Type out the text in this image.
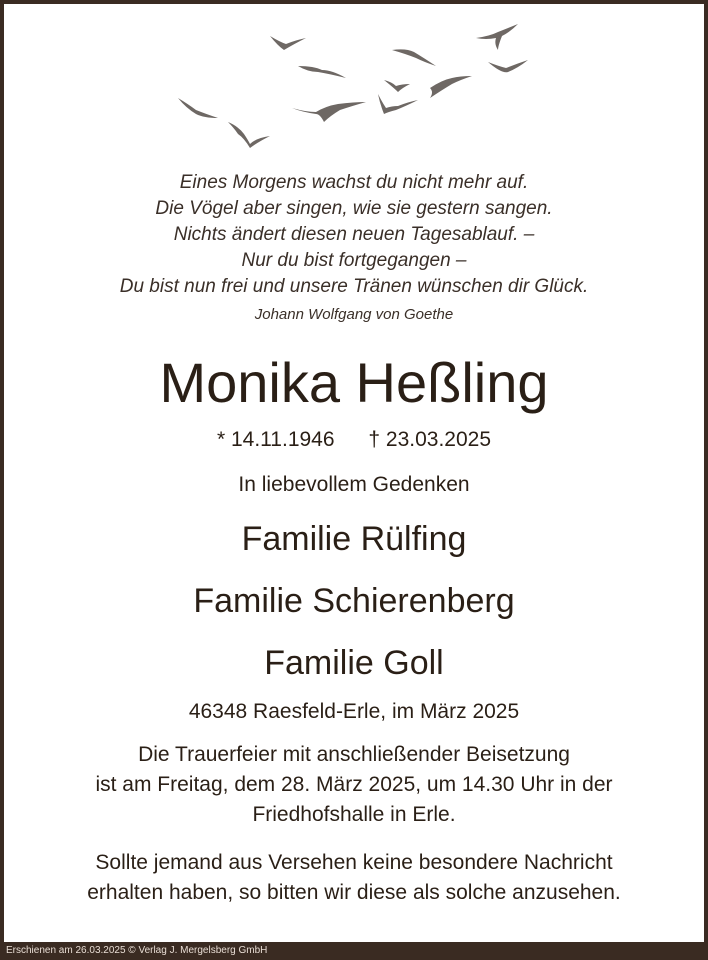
Eines Morgens wachst du nicht mehr auf.
Die Vögel aber singen, wie sie gestern sangen.
Nichts ändert diesen neuen Tagesablauf. –
Nur du bist fortgegangen –
Du bist nun frei und unsere Tränen wünschen dir Glück.
Johann Wolfgang von Goethe
Monika Heßling
* 14.11.1946 † 23.03.2025
In liebevollem Gedenken
Familie Rülfing
Familie Schierenberg
Familie Goll
46348 Raesfeld-Erle, im März 2025
Die Trauerfeier mit anschließender Beisetzung
ist am Freitag, dem 28. März 2025, um 14.30 Uhr in der
Friedhofshalle in Erle.
Sollte jemand aus Versehen keine besondere Nachricht
erhalten haben, so bitten wir diese als solche anzusehen.
Erschienen am 26.03.2025 © Verlag J. Mergelsberg GmbH
